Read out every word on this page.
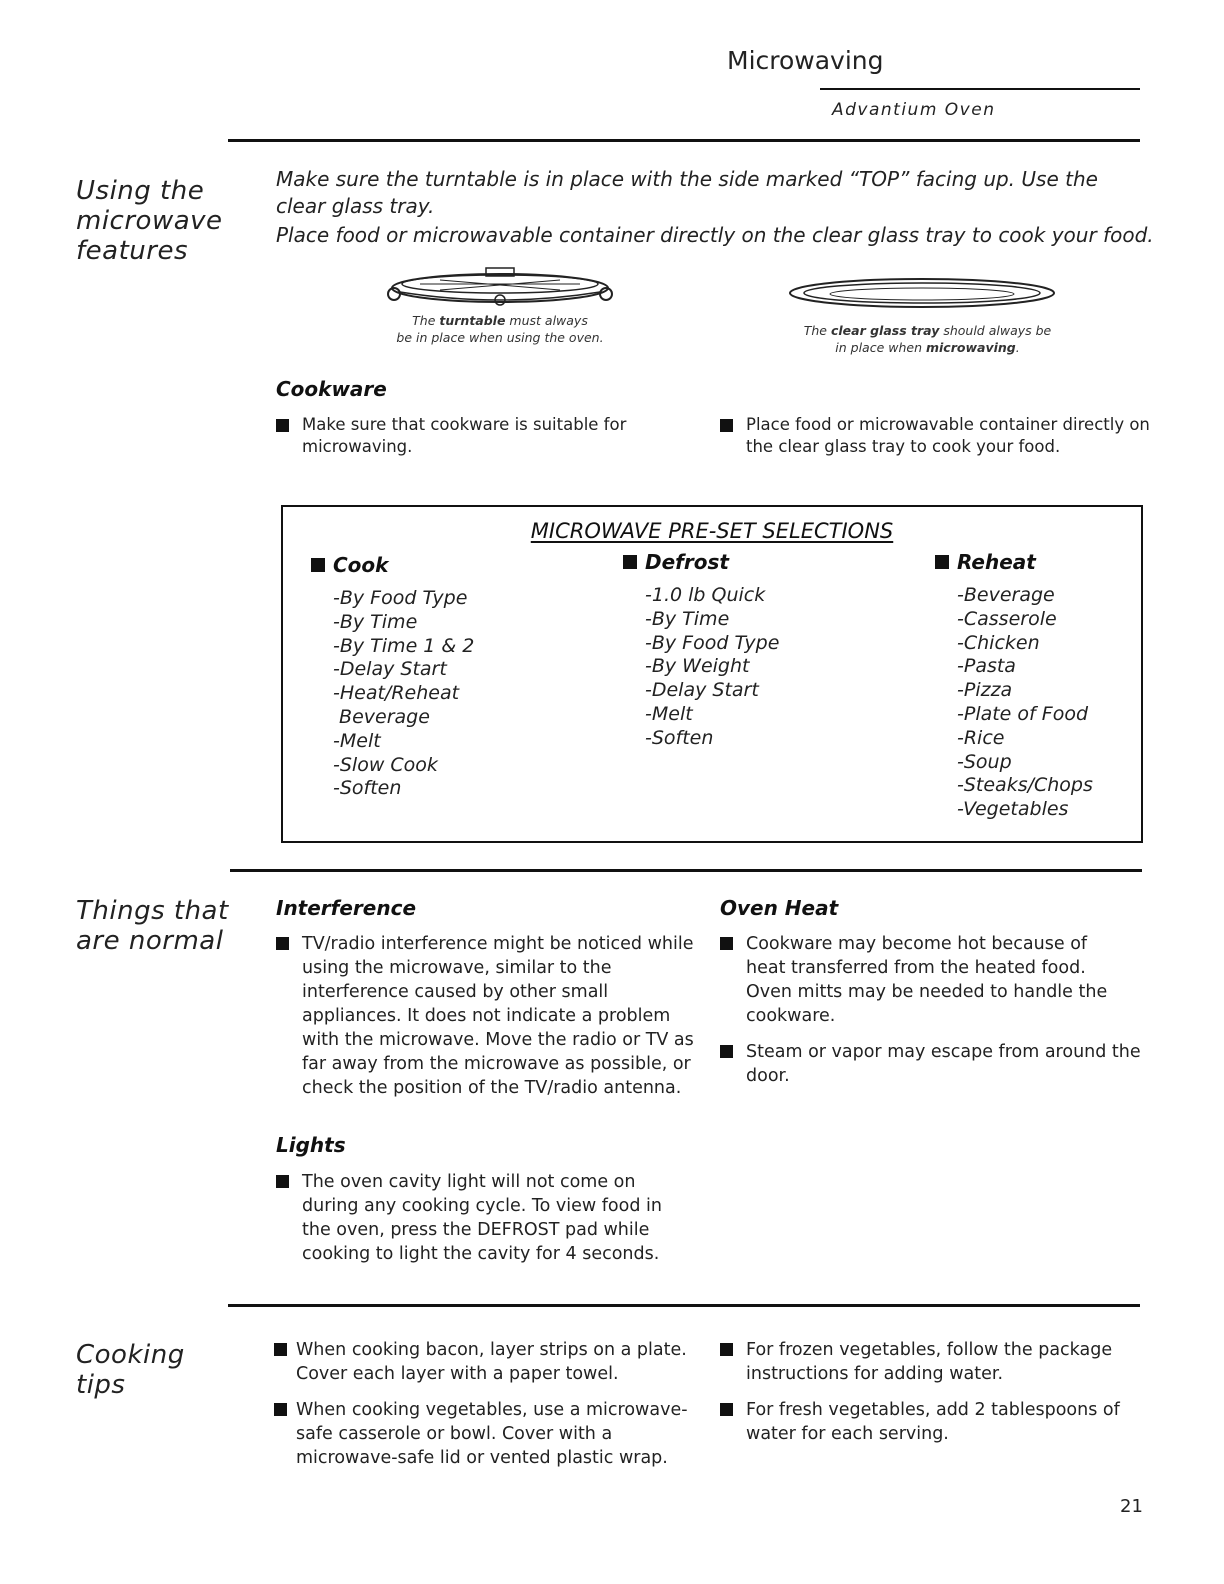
Microwaving
Advantium Oven
Using the
microwave
features
Make sure the turntable is in place with the side marked “TOP” facing up. Use the clear glass tray.
Place food or microwavable container directly on the clear glass tray to cook your food.
The turntable must always
be in place when using the oven.	The clear glass tray should always be
in place when microwaving.
Cookware
Make sure that cookware is suitable for microwaving.
Place food or microwavable container directly on the clear glass tray to cook your food.
MICROWAVE PRE-SET SELECTIONS
Cook
-By Food Type
-By Time
-By Time 1 & 2
-Delay Start
-Heat/Reheat
Beverage
-Melt
-Slow Cook
-Soften
Defrost
-1.0 lb Quick
-By Time
-By Food Type
-By Weight
-Delay Start
-Melt
-Soften
Reheat
-Beverage
-Casserole
-Chicken
-Pasta
-Pizza
-Plate of Food
-Rice
-Soup
-Steaks/Chops
-Vegetables
Things that
are normal
Interference
TV/radio interference might be noticed while using the microwave, similar to the interference caused by other small appliances. It does not indicate a problem with the microwave. Move the radio or TV as far away from the microwave as possible, or check the position of the TV/radio antenna.
Lights
The oven cavity light will not come on during any cooking cycle. To view food in the oven, press the DEFROST pad while cooking to light the cavity for 4 seconds.
Oven Heat
Cookware may become hot because of heat transferred from the heated food. Oven mitts may be needed to handle the cookware.
Steam or vapor may escape from around the door.
Cooking
tips
When cooking bacon, layer strips on a plate. Cover each layer with a paper towel.
When cooking vegetables, use a microwave-safe casserole or bowl. Cover with a microwave-safe lid or vented plastic wrap.
For frozen vegetables, follow the package instructions for adding water.
For fresh vegetables, add 2 tablespoons of water for each serving.
21
